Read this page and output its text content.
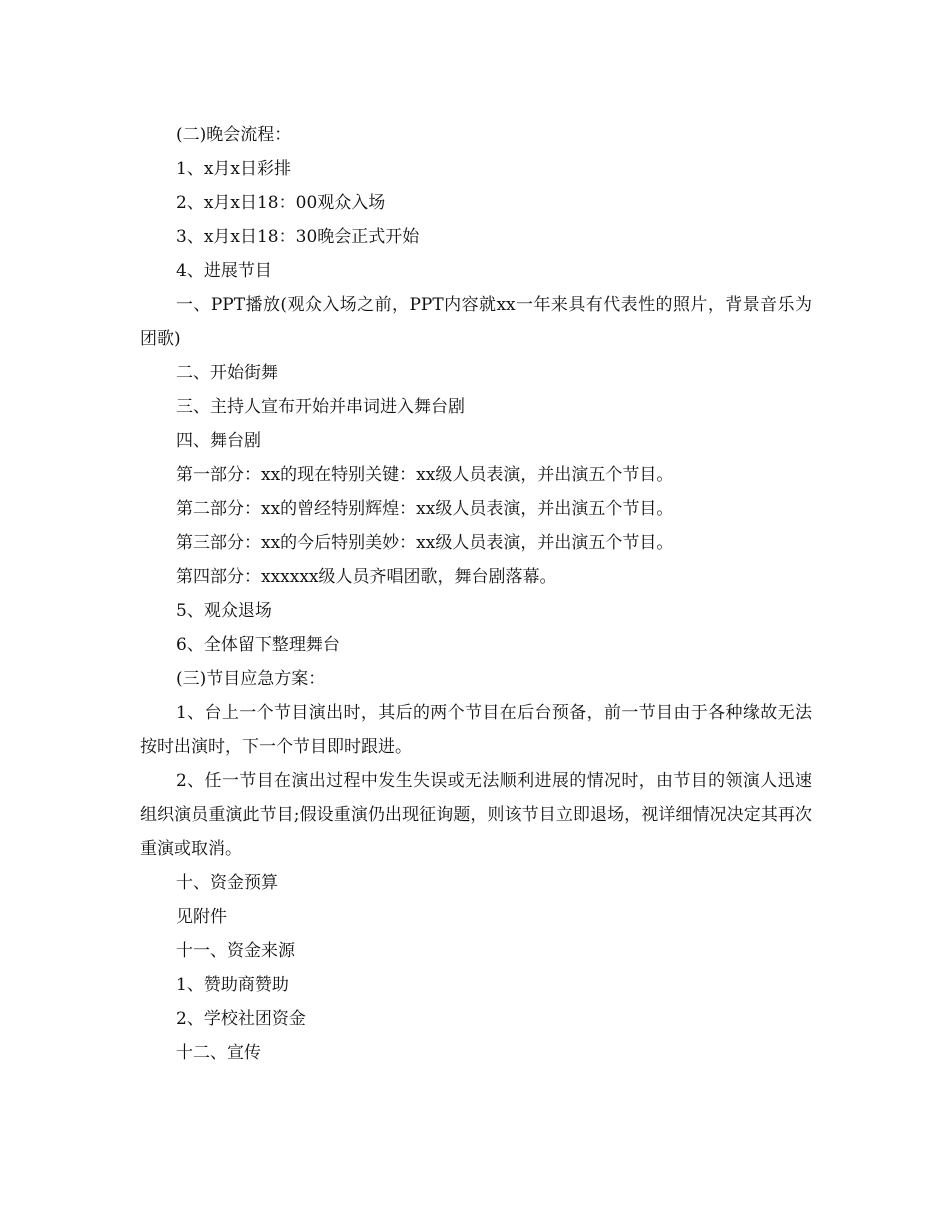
(二)晚会流程：

1、x月x日彩排

2、x月x日18：00观众入场

3、x月x日18：30晚会正式开始

4、进展节目

一、PPT播放(观众入场之前，PPT内容就xx一年来具有代表性的照片，背景音乐为团歌)

二、开始街舞

三、主持人宣布开始并串词进入舞台剧

四、舞台剧

第一部分：xx的现在特别关键：xx级人员表演，并出演五个节目。

第二部分：xx的曾经特别辉煌：xx级人员表演，并出演五个节目。

第三部分：xx的今后特别美妙：xx级人员表演，并出演五个节目。

第四部分：xxxxxx级人员齐唱团歌，舞台剧落幕。

5、观众退场

6、全体留下整理舞台

(三)节目应急方案：

1、台上一个节目演出时，其后的两个节目在后台预备，前一节目由于各种缘故无法按时出演时，下一个节目即时跟进。

2、任一节目在演出过程中发生失误或无法顺利进展的情况时，由节目的领演人迅速组织演员重演此节目;假设重演仍出现征询题，则该节目立即退场，视详细情况决定其再次重演或取消。

十、资金预算

见附件

十一、资金来源

1、赞助商赞助

2、学校社团资金

十二、宣传
